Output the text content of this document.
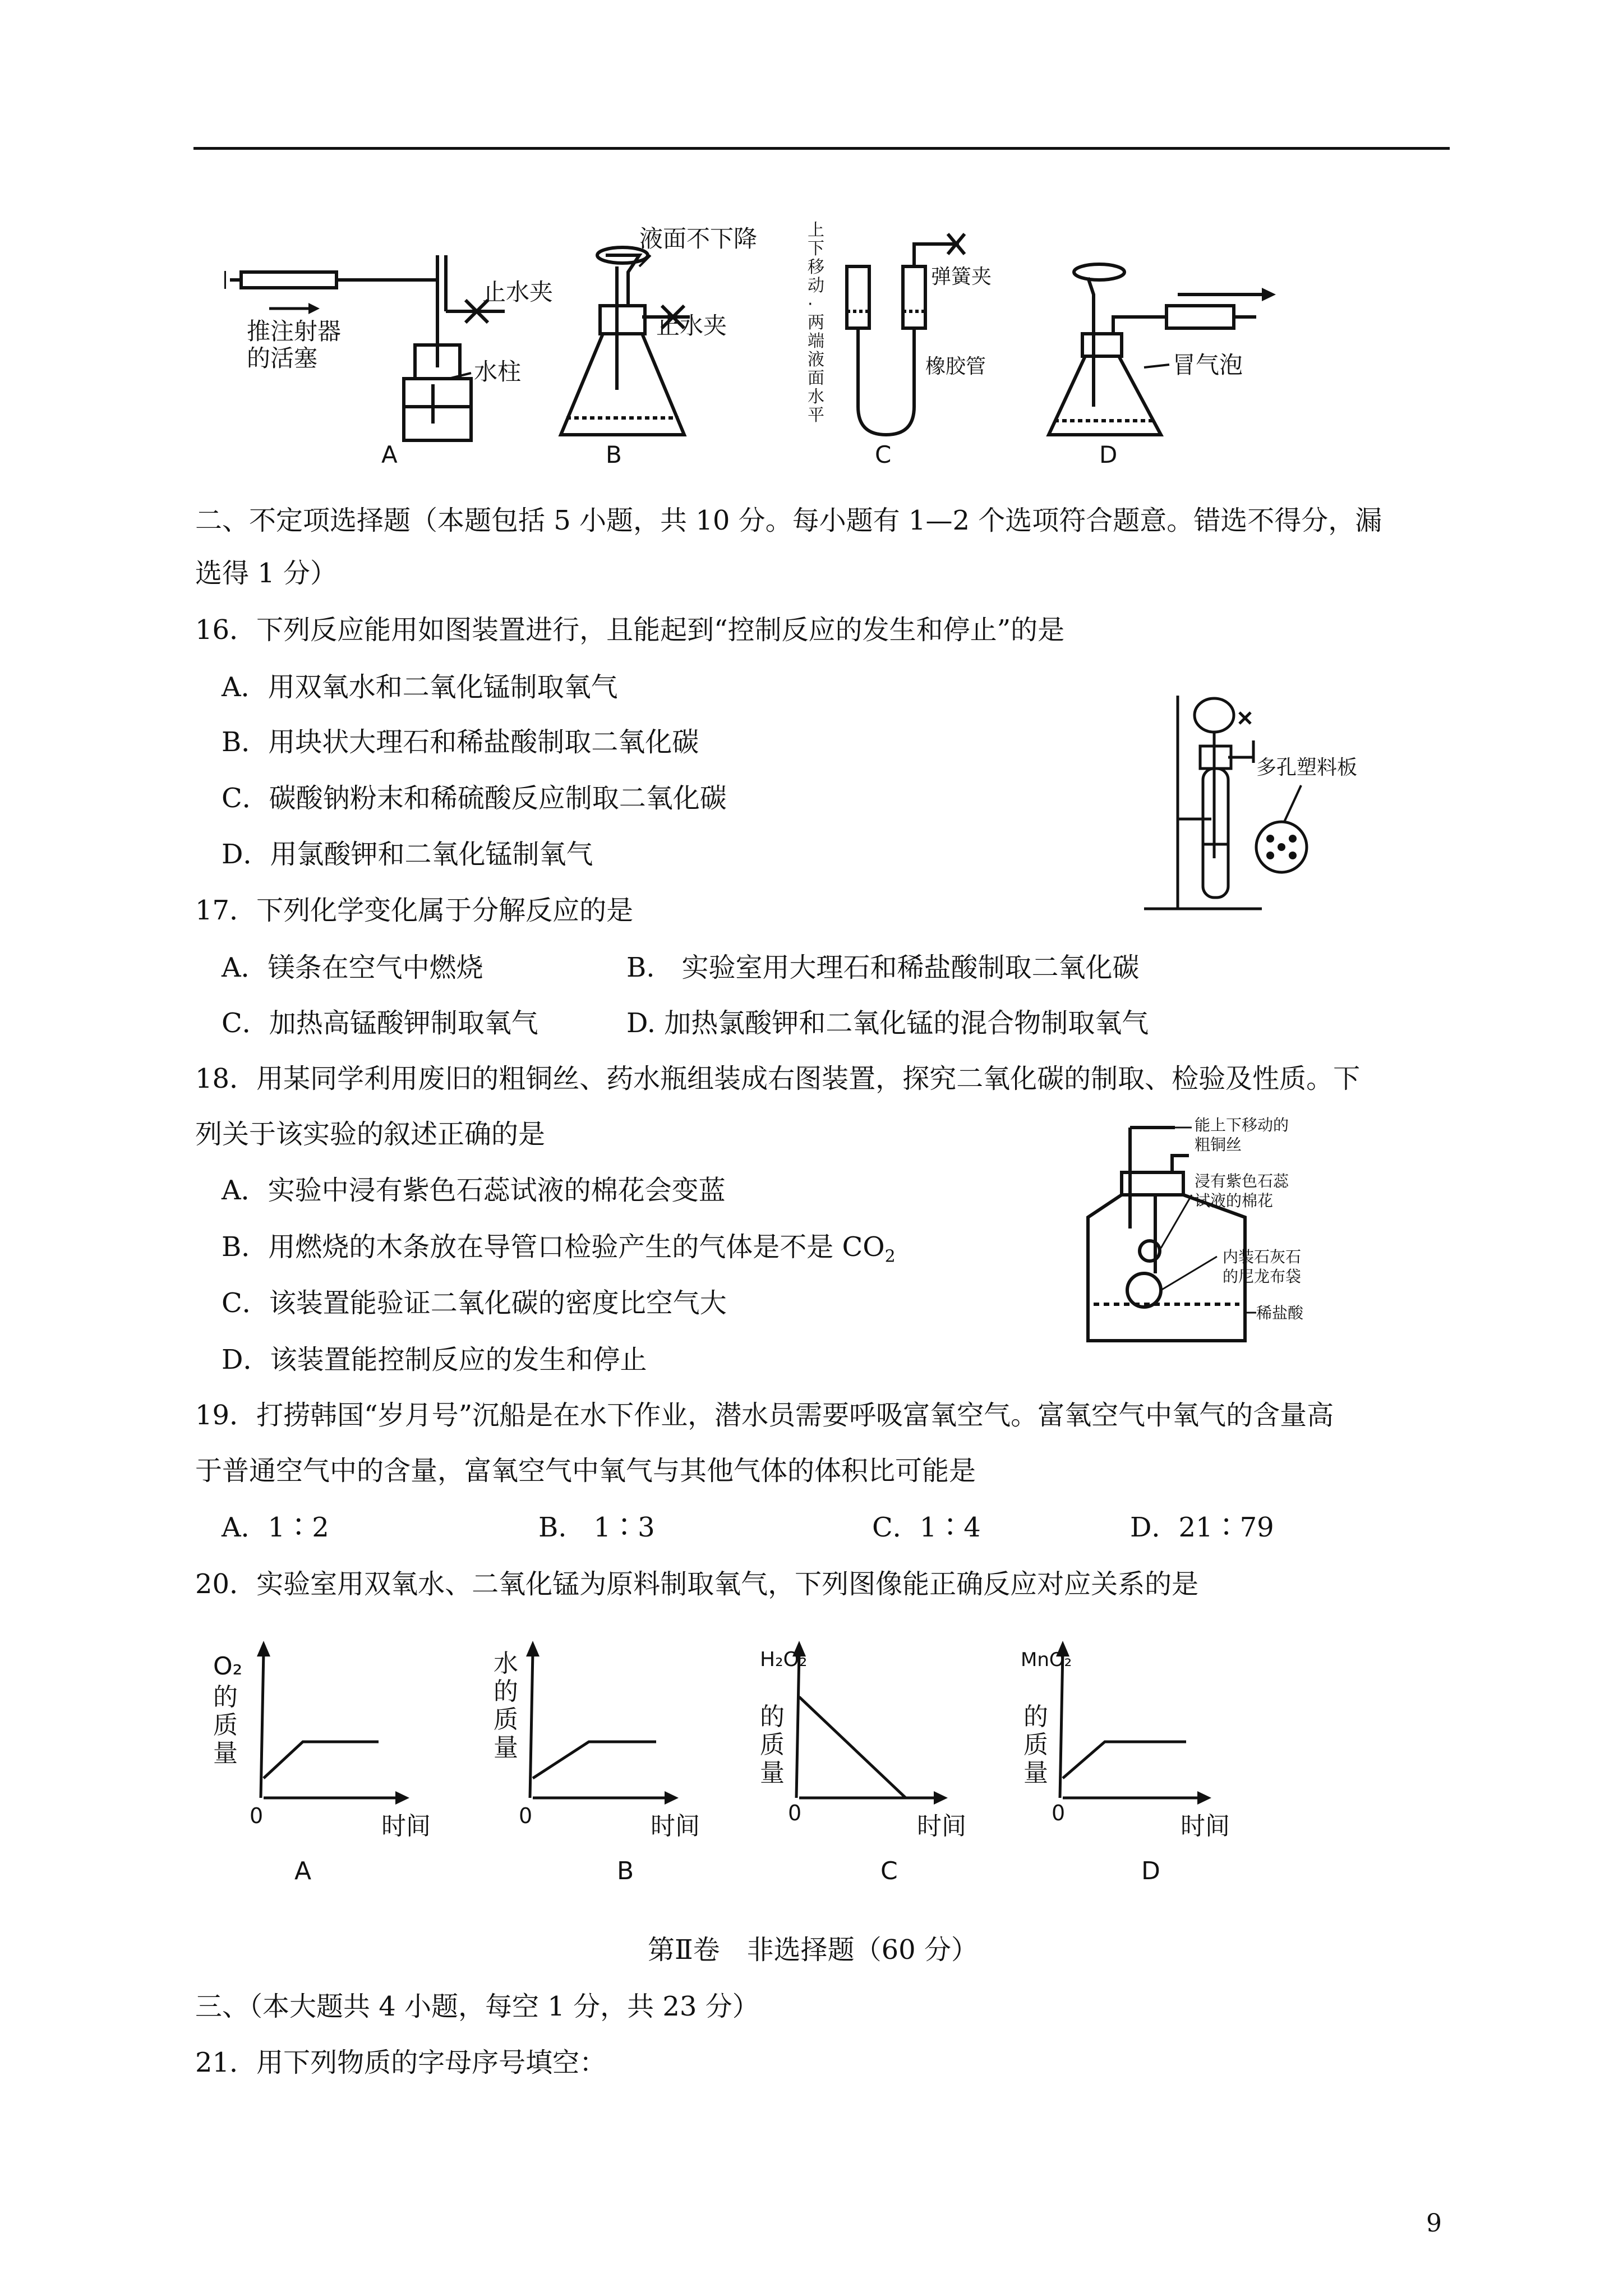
推注射器
的活塞
止水夹
水柱
A
液面不下降
止水夹
B
弹簧夹
橡胶管
上
下
移
动
·
两
端
液
面
水
平
C
冒气泡
D
二、不定项选择题（本题包括 5 小题，共 10 分。每小题有 1—2 个选项符合题意。错选不得分，漏
选得 1 分）
16．下列反应能用如图装置进行，且能起到“控制反应的发生和停止”的是
A．用双氧水和二氧化锰制取氧气
B．用块状大理石和稀盐酸制取二氧化碳
C．碳酸钠粉末和稀硫酸反应制取二氧化碳
D．用氯酸钾和二氧化锰制氧气
多孔塑料板
17．下列化学变化属于分解反应的是
A．镁条在空气中燃烧	B.　实验室用大理石和稀盐酸制取二氧化碳
C．加热高锰酸钾制取氧气	D. 加热氯酸钾和二氧化锰的混合物制取氧气
18．用某同学利用废旧的粗铜丝、药水瓶组装成右图装置，探究二氧化碳的制取、检验及性质。下
列关于该实验的叙述正确的是
A．实验中浸有紫色石蕊试液的棉花会变蓝
B．用燃烧的木条放在导管口检验产生的气体是不是 $CO_2$
C．该装置能验证二氧化碳的密度比空气大
D．该装置能控制反应的发生和停止
能上下移动的
粗铜丝
浸有紫色石蕊
试液的棉花
内装石灰石
的尼龙布袋
稀盐酸
19．打捞韩国“岁月号”沉船是在水下作业，潜水员需要呼吸富氧空气。富氧空气中氧气的含量高
于普通空气中的含量，富氧空气中氧气与其他气体的体积比可能是
A．1∶2	B.　1∶3	C．1∶4	D．21∶79
20．实验室用双氧水、二氧化锰为原料制取氧气，下列图像能正确反应对应关系的是
O₂
的
质
量
0	时间
A
水
的
质
量
0	时间
B
H₂O₂
的
质
量
0	时间
C
MnO₂
的
质
量
0	时间
D
第Ⅱ卷　非选择题（60 分）
三、（本大题共 4 小题，每空 1 分，共 23 分）
21．用下列物质的字母序号填空：
9
